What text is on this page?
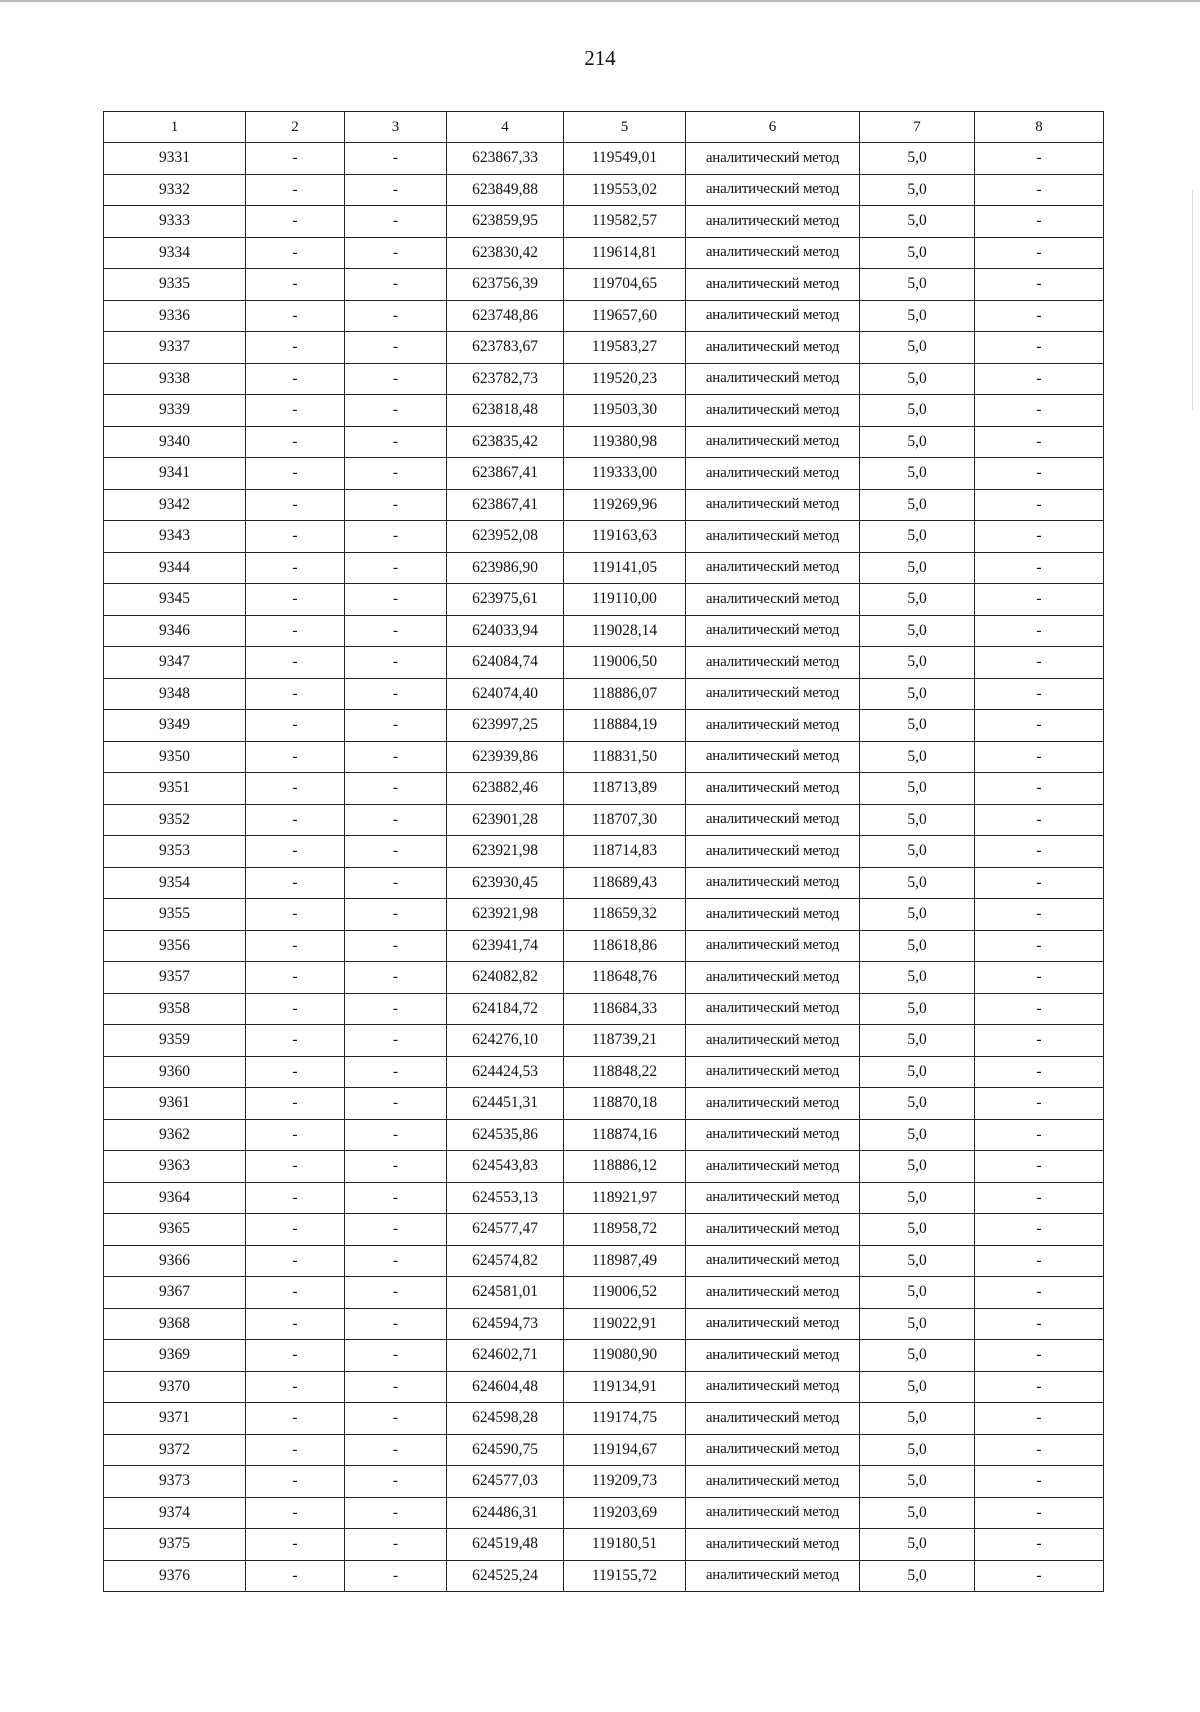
214
1	2	3	4	5	6	7	8
9331	-	-	623867,33	119549,01	аналитический метод	5,0	-
9332	-	-	623849,88	119553,02	аналитический метод	5,0	-
9333	-	-	623859,95	119582,57	аналитический метод	5,0	-
9334	-	-	623830,42	119614,81	аналитический метод	5,0	-
9335	-	-	623756,39	119704,65	аналитический метод	5,0	-
9336	-	-	623748,86	119657,60	аналитический метод	5,0	-
9337	-	-	623783,67	119583,27	аналитический метод	5,0	-
9338	-	-	623782,73	119520,23	аналитический метод	5,0	-
9339	-	-	623818,48	119503,30	аналитический метод	5,0	-
9340	-	-	623835,42	119380,98	аналитический метод	5,0	-
9341	-	-	623867,41	119333,00	аналитический метод	5,0	-
9342	-	-	623867,41	119269,96	аналитический метод	5,0	-
9343	-	-	623952,08	119163,63	аналитический метод	5,0	-
9344	-	-	623986,90	119141,05	аналитический метод	5,0	-
9345	-	-	623975,61	119110,00	аналитический метод	5,0	-
9346	-	-	624033,94	119028,14	аналитический метод	5,0	-
9347	-	-	624084,74	119006,50	аналитический метод	5,0	-
9348	-	-	624074,40	118886,07	аналитический метод	5,0	-
9349	-	-	623997,25	118884,19	аналитический метод	5,0	-
9350	-	-	623939,86	118831,50	аналитический метод	5,0	-
9351	-	-	623882,46	118713,89	аналитический метод	5,0	-
9352	-	-	623901,28	118707,30	аналитический метод	5,0	-
9353	-	-	623921,98	118714,83	аналитический метод	5,0	-
9354	-	-	623930,45	118689,43	аналитический метод	5,0	-
9355	-	-	623921,98	118659,32	аналитический метод	5,0	-
9356	-	-	623941,74	118618,86	аналитический метод	5,0	-
9357	-	-	624082,82	118648,76	аналитический метод	5,0	-
9358	-	-	624184,72	118684,33	аналитический метод	5,0	-
9359	-	-	624276,10	118739,21	аналитический метод	5,0	-
9360	-	-	624424,53	118848,22	аналитический метод	5,0	-
9361	-	-	624451,31	118870,18	аналитический метод	5,0	-
9362	-	-	624535,86	118874,16	аналитический метод	5,0	-
9363	-	-	624543,83	118886,12	аналитический метод	5,0	-
9364	-	-	624553,13	118921,97	аналитический метод	5,0	-
9365	-	-	624577,47	118958,72	аналитический метод	5,0	-
9366	-	-	624574,82	118987,49	аналитический метод	5,0	-
9367	-	-	624581,01	119006,52	аналитический метод	5,0	-
9368	-	-	624594,73	119022,91	аналитический метод	5,0	-
9369	-	-	624602,71	119080,90	аналитический метод	5,0	-
9370	-	-	624604,48	119134,91	аналитический метод	5,0	-
9371	-	-	624598,28	119174,75	аналитический метод	5,0	-
9372	-	-	624590,75	119194,67	аналитический метод	5,0	-
9373	-	-	624577,03	119209,73	аналитический метод	5,0	-
9374	-	-	624486,31	119203,69	аналитический метод	5,0	-
9375	-	-	624519,48	119180,51	аналитический метод	5,0	-
9376	-	-	624525,24	119155,72	аналитический метод	5,0	-
